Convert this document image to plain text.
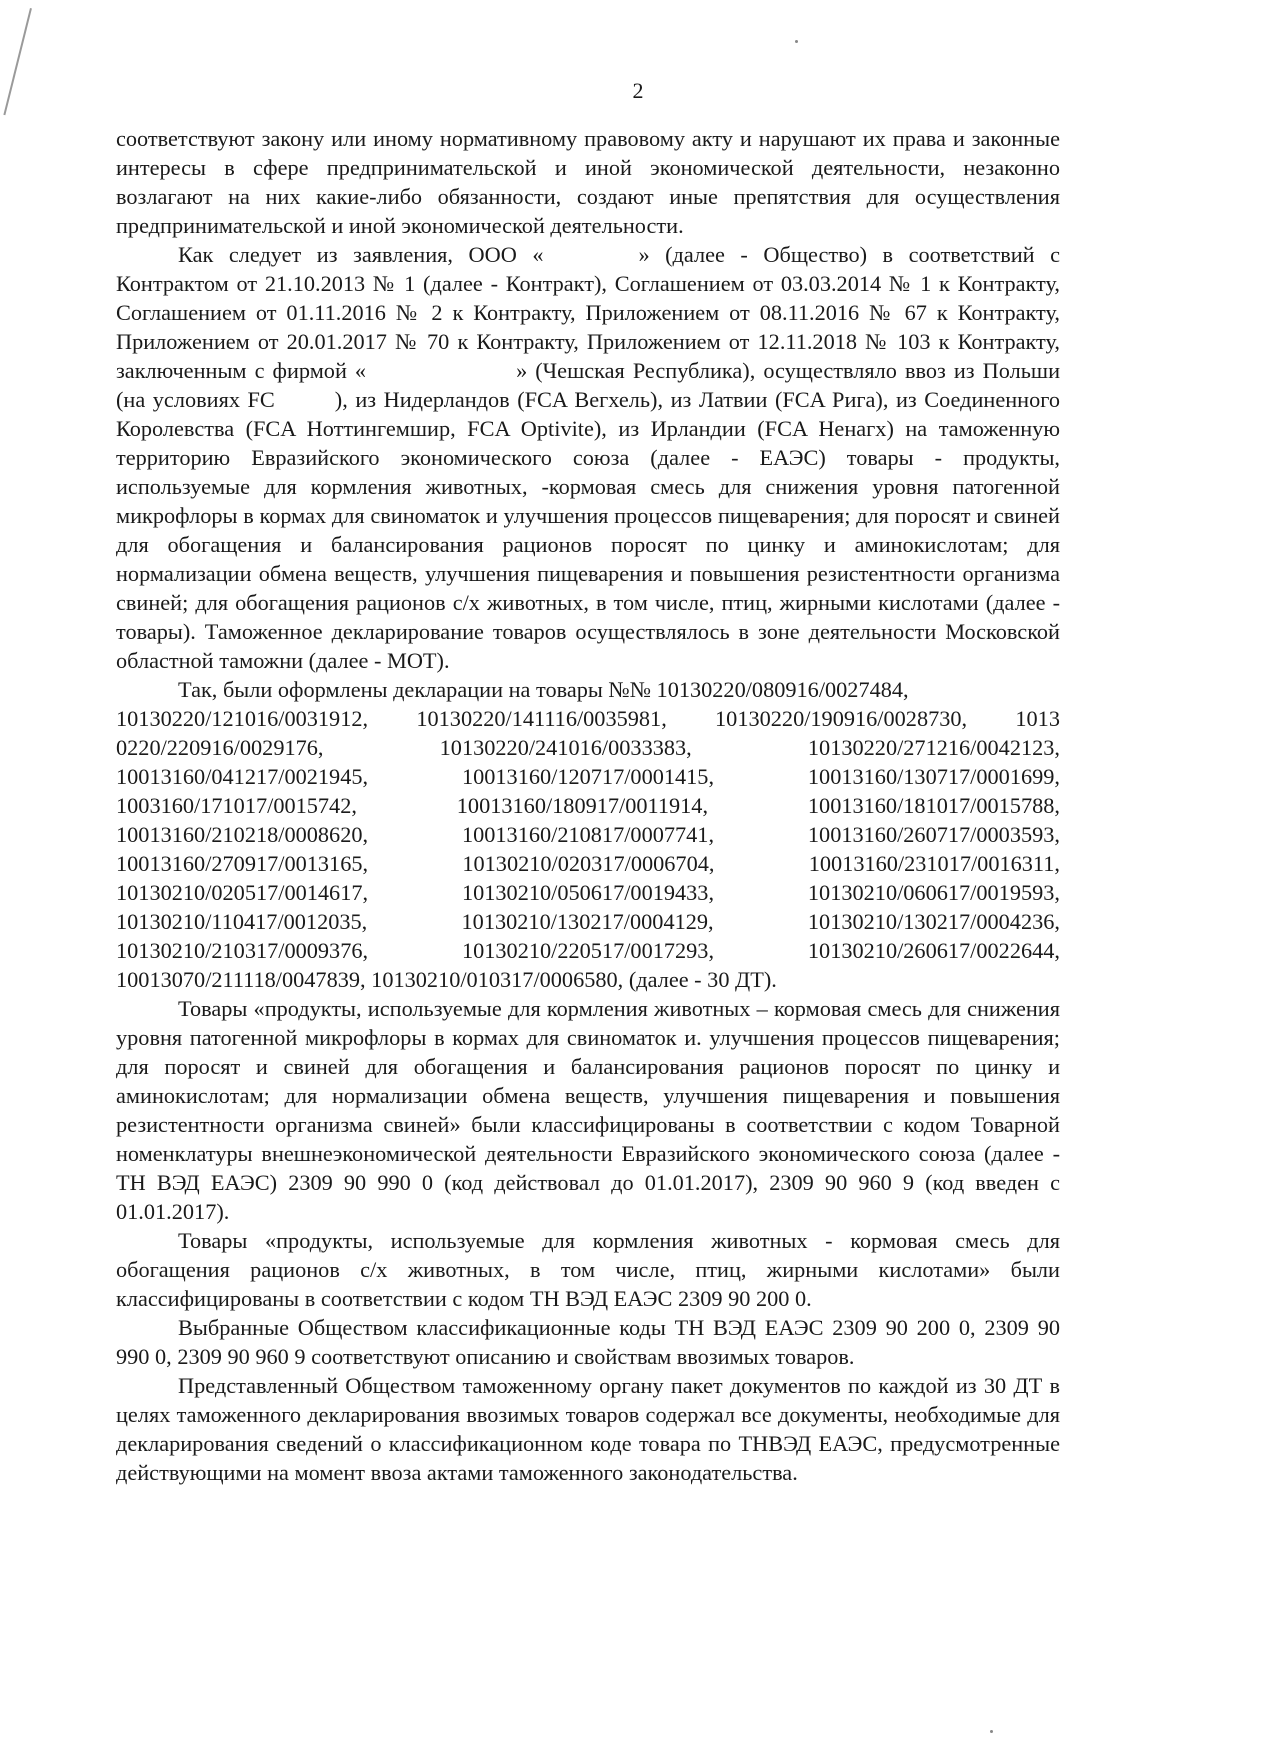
2

соответствуют закону или иному нормативному правовому акту и нарушают их права и законные интересы в сфере предпринимательской и иной экономической деятельности, незаконно возлагают на них какие-либо обязанности, создают иные препятствия для осуществления предпринимательской и иной экономической деятельности.

Как следует из заявления, ООО «	» (далее - Общество) в соответствий с Контрактом от 21.10.2013 № 1 (далее - Контракт), Соглашением от 03.03.2014 № 1 к Контракту, Соглашением от 01.11.2016 № 2 к Контракту, Приложением от 08.11.2016 № 67 к Контракту, Приложением от 20.01.2017 № 70 к Контракту, Приложением от 12.11.2018 № 103 к Контракту, заключенным с фирмой «	» (Чешская Республика), осуществляло ввоз из Польши (на условиях FC	), из Нидерландов (FCA Вегхель), из Латвии (FCA Рига), из Соединенного Королевства (FCA Ноттингемшир, FCA Optivite), из Ирландии (FCA Ненагх) на таможенную территорию Евразийского экономического союза (далее - ЕАЭС) товары - продукты, используемые для кормления животных, -кормовая смесь для снижения уровня патогенной микрофлоры в кормах для свиноматок и улучшения процессов пищеварения; для поросят и свиней для обогащения и балансирования рационов поросят по цинку и аминокислотам; для нормализации обмена веществ, улучшения пищеварения и повышения резистентности организма свиней; для обогащения рационов с/х животных, в том числе, птиц, жирными кислотами (далее - товары). Таможенное декларирование товаров осуществлялось в зоне деятельности Московской областной таможни (далее - МОТ).

Так, были оформлены декларации на товары №№ 10130220/080916/0027484,

10130220/121016/0031912, 10130220/141116/0035981, 10130220/190916/0028730, 1013
0220/220916/0029176,	10130220/241016/0033383,	10130220/271216/0042123,
10013160/041217/0021945,	10013160/120717/0001415,	10013160/130717/0001699,
1003160/171017/0015742,	10013160/180917/0011914,	10013160/181017/0015788,
10013160/210218/0008620,	10013160/210817/0007741,	10013160/260717/0003593,
10013160/270917/0013165,	10130210/020317/0006704,	10013160/231017/0016311,
10130210/020517/0014617,	10130210/050617/0019433,	10130210/060617/0019593,
10130210/110417/0012035,	10130210/130217/0004129,	10130210/130217/0004236,
10130210/210317/0009376,	10130210/220517/0017293,	10130210/260617/0022644,
10013070/211118/0047839, 10130210/010317/0006580, (далее - 30 ДТ).

Товары «продукты, используемые для кормления животных – кормовая смесь для снижения уровня патогенной микрофлоры в кормах для свиноматок и. улучшения процессов пищеварения; для поросят и свиней для обогащения и балансирования рационов поросят по цинку и аминокислотам; для нормализации обмена веществ, улучшения пищеварения и повышения резистентности организма свиней» были классифицированы в соответствии с кодом Товарной номенклатуры внешнеэкономической деятельности Евразийского экономического союза (далее - ТН ВЭД ЕАЭС) 2309 90 990 0 (код действовал до 01.01.2017), 2309 90 960 9 (код введен с 01.01.2017).

Товары «продукты, используемые для кормления животных - кормовая смесь для обогащения рационов с/х животных, в том числе, птиц, жирными кислотами» были классифицированы в соответствии с кодом ТН ВЭД ЕАЭС 2309 90 200 0.

Выбранные Обществом классификационные коды ТН ВЭД ЕАЭС 2309 90 200 0, 2309 90 990 0, 2309 90 960 9 соответствуют описанию и свойствам ввозимых товаров.

Представленный Обществом таможенному органу пакет документов по каждой из 30 ДТ в целях таможенного декларирования ввозимых товаров содержал все документы, необходимые для декларирования сведений о классификационном коде товара по ТНВЭД ЕАЭС, предусмотренные действующими на момент ввоза актами таможенного законодательства.
